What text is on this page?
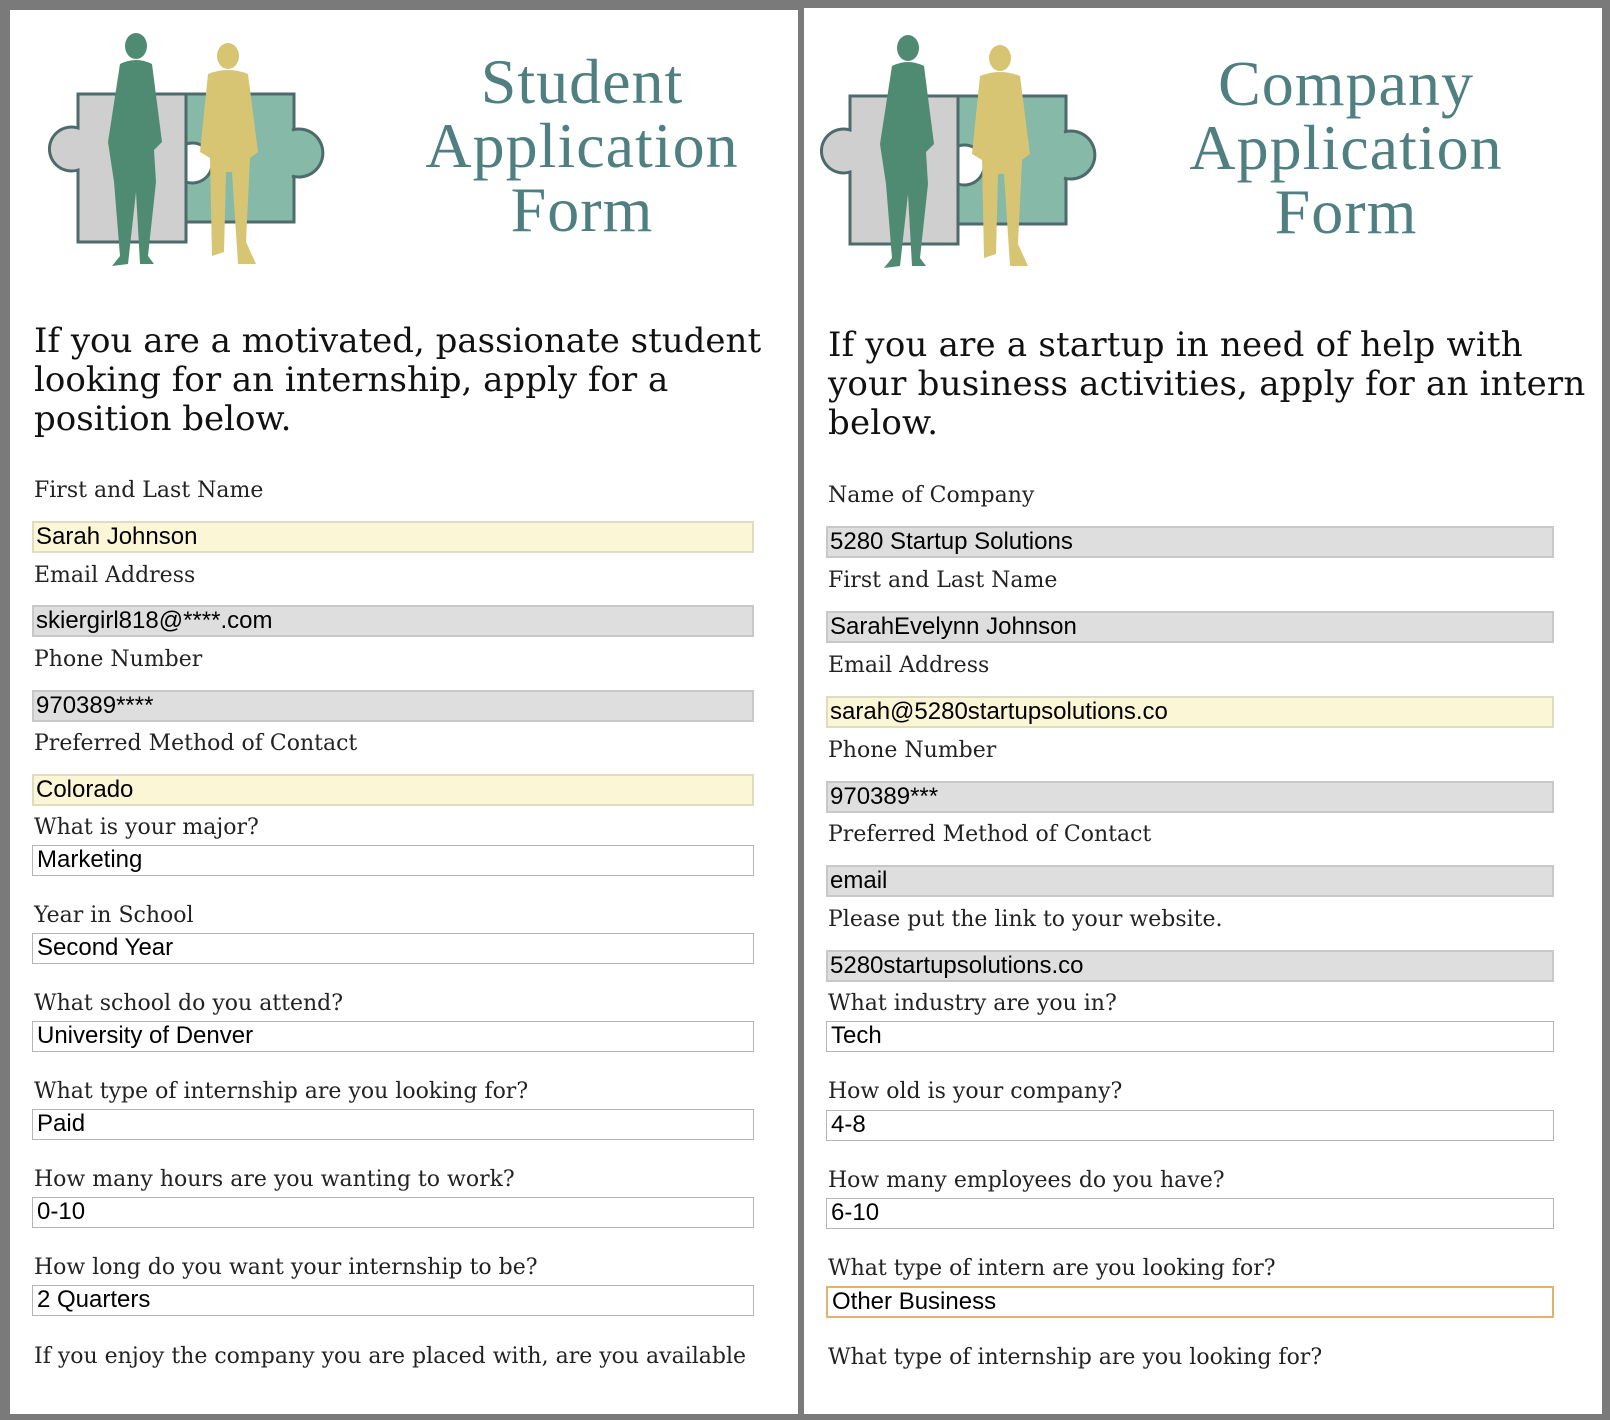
Student
Application
Form

If you are a motivated, passionate student looking for an internship, apply for a position below.

First and Last Name
Sarah Johnson
Email Address
skiergirl818@****.com
Phone Number
970389****
Preferred Method of Contact
Colorado
What is your major?
Marketing
Year in School
Second Year
What school do you attend?
University of Denver
What type of internship are you looking for?
Paid
How many hours are you wanting to work?
0-10
How long do you want your internship to be?
2 Quarters
If you enjoy the company you are placed with, are you available
Company
Application
Form

If you are a startup in need of help with your business activities, apply for an intern below.

Name of Company
5280 Startup Solutions
First and Last Name
SarahEvelynn Johnson
Email Address
sarah@5280startupsolutions.co
Phone Number
970389***
Preferred Method of Contact
email
Please put the link to your website.
5280startupsolutions.co
What industry are you in?
Tech
How old is your company?
4-8
How many employees do you have?
6-10
What type of intern are you looking for?
Other Business
What type of internship are you looking for?
